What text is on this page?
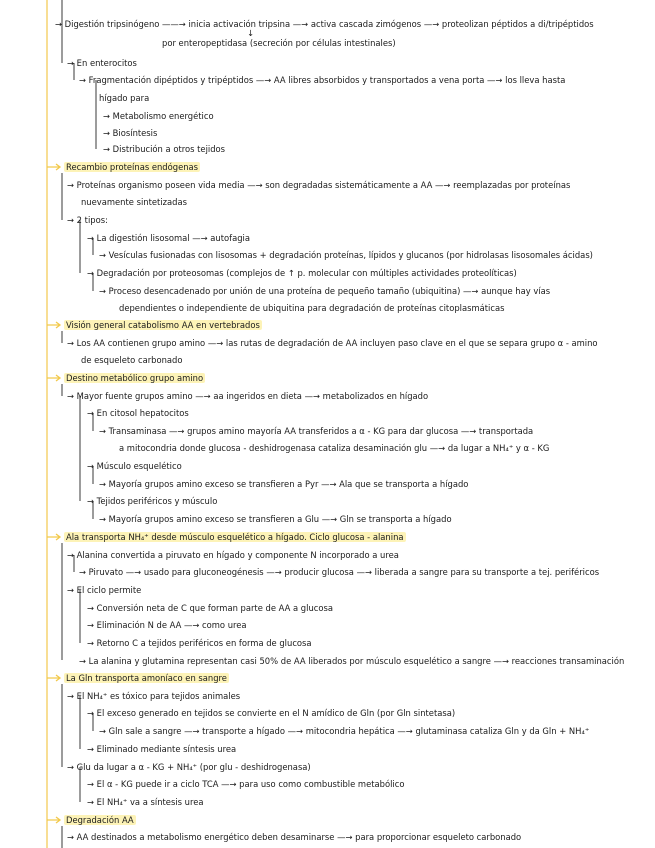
↓
→ Digestión tripsinógeno ——→ inicia activación tripsina —→ activa cascada zimógenos —→ proteolizan péptidos a di/tripéptidos
por enteropeptidasa (secreción por células intestinales)
→ En enterocitos
→ Fragmentación dipéptidos y tripéptidos —→ AA libres absorbidos y transportados a vena porta —→ los lleva hasta
hígado para
→ Metabolismo energético
→ Biosíntesis
→ Distribución a otros tejidos
Recambio proteínas endógenas
→ Proteínas organismo poseen vida media —→ son degradadas sistemáticamente a AA —→ reemplazadas por proteínas
nuevamente sintetizadas
→ 2 tipos:
→ La digestión lisosomal —→ autofagia
→ Vesículas fusionadas con lisosomas + degradación proteínas, lípidos y glucanos (por hidrolasas lisosomales ácidas)
→ Degradación por proteosomas (complejos de ↑ p. molecular con múltiples actividades proteolíticas)
→ Proceso desencadenado por unión de una proteína de pequeño tamaño (ubiquitina) —→ aunque hay vías
dependientes o independiente de ubiquitina para degradación de proteínas citoplasmáticas
Visión general catabolismo AA en vertebrados
→ Los AA contienen grupo amino —→ las rutas de degradación de AA incluyen paso clave en el que se separa grupo α - amino
de esqueleto carbonado
Destino metabólico grupo amino
→ Mayor fuente grupos amino —→ aa ingeridos en dieta —→ metabolizados en hígado
→ En citosol hepatocitos
→ Transaminasa —→ grupos amino mayoría AA transferidos a α - KG para dar glucosa —→ transportada
a mitocondria donde glucosa - deshidrogenasa cataliza desaminación glu —→ da lugar a NH₄⁺ y α - KG
→ Músculo esquelético
→ Mayoría grupos amino exceso se transfieren a Pyr —→ Ala que se transporta a hígado
→ Tejidos periféricos y músculo
→ Mayoría grupos amino exceso se transfieren a Glu —→ Gln se transporta a hígado
Ala transporta NH₄⁺ desde músculo esquelético a hígado. Ciclo glucosa - alanina
→ Alanina convertida a piruvato en hígado y componente N incorporado a urea
→ Piruvato —→ usado para gluconeogénesis —→ producir glucosa —→ liberada a sangre para su transporte a tej. periféricos
→ El ciclo permite
→ Conversión neta de C que forman parte de AA a glucosa
→ Eliminación N de AA —→ como urea
→ Retorno C a tejidos periféricos en forma de glucosa
→ La alanina y glutamina representan casi 50% de AA liberados por músculo esquelético a sangre —→ reacciones transaminación
La Gln transporta amoníaco en sangre
→ El NH₄⁺ es tóxico para tejidos animales
→ El exceso generado en tejidos se convierte en el N amídico de Gln (por Gln sintetasa)
→ Gln sale a sangre —→ transporte a hígado —→ mitocondria hepática —→ glutaminasa cataliza Gln y da Gln + NH₄⁺
→ Eliminado mediante síntesis urea
→ Glu da lugar a α - KG + NH₄⁺ (por glu - deshidrogenasa)
→ El α - KG puede ir a ciclo TCA —→ para uso como combustible metabólico
→ El NH₄⁺ va a síntesis urea
Degradación AA
→ AA destinados a metabolismo energético deben desaminarse —→ para proporcionar esqueleto carbonado
